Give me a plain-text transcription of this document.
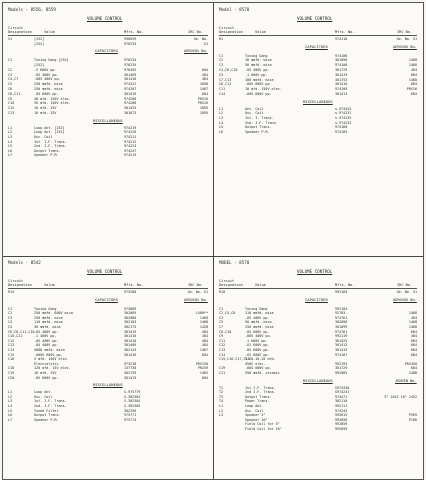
Models - 8556, 8559
VOLUME CONTROL
Circuit Designation	Value	Mfrs. No.	IRC No.
V1	[252]	930929	Ge. No.
[252]	976233	51
CAPACITORS	AEROVOX No.
C1	Tuning Gang [252]	976234
[252]	976235
C2	.5 600V pp.	976455	604
C3	.05 400V pp.	301409	484
C4,C7	.005 400V pp.	301416	484
C5	250 mmfd. mica	974222	1658
C6	250 mmfd. mica	974207	1467
C8,C11	.05 600V pp.	301419	604
C9	40 mfd. 150V elec.	974208	PRS16
C10	20 mfd. 150V elec.	974208	PRS16
C12	10 mfd. 25V	301429	1895
C13	10 mfd. 25V	301673	1895
MISCELLANEOUS
L1	Loop Ant. [252]	974219
L2	Loop Ant. [252]	974220
L3	Osc. Coil	974211
L4	1st. I.F. Trans.	974212
L5	2nd. I.F. Trans.	974223
L6	Output Trans.	974247
L7	Speaker P.M.	974219
Model - 8570
VOLUME CONTROL
Circuit Designation	Value	Mfrs. No.	IRC No.
R1	974118	Ge. No. 51
CAPACITORS	AEROVOX No.
C1	Tuning Gang	974106
C2	10 mmfd. mica	301096	1468
C3	50 mmfd. mica	974108	1468
C4,C6,C10 .05 400V pp.	301729	484
C5	.1 600V pp.	301419	684
C7,C13	100 mmfd. mica	301753	1468
C8,C12	.005 600V pp.	301416	684
C11	10 mfd. 150V elec.	974109	PRS16
C14	.005 600V pp.	301413	684
MISCELLANEOUS
L1	Ant. Coil	s-974424
L2	Osc. Coil	s-974231
L3	1st. I. Trans.	s-974235
L4	2nd. I.F. Trans.	s-974233
L5	Output Trans.	974160
L6	Speaker P.M.	974105
Models - 8542
VOLUME CONTROL
Circuit Designation	Value	Mfrs. No.	IRC No.
R14	975208	Ge. No. 51
CAPACITORS	AEROVOX No.
C1	Tuning Gang	975089
C2	250 mmfd. 600V mica	302089	1468**
C3	250 mmfd. mica	302080	1468
C4	110 mmfd. mica	302103	1468
C5	30 mmfd. mica	302175	1428
C6,C8,C11,C16 .05 400V pp.	301419	484
C10,C21	.1 400V pp.	301410	484
C12	.05 400V pp.	301410	484
C13	.05 400V pp.	301409	484
C14	4000 mmfd. mica	302143	1467
C15	.0005 600V pp.	301416	684
C16	5 mfd. 150V elec.
Electrolytic	973218	PRS150
C18	120 mfd. 15V elec.	137730	PR259
C19	10 mfd. 25V	302759	1465
C20	.05 600V pp.	301419	684
MISCELLANEOUS
L1	Loop Ant.	S-975779
L2	Osc. Coil	S-302303
L3	1st. I.F. Trans.	S-302304
L4	2nd. I.F. Trans.	S-302305
L5	Tuned Filter	302296
L6	Output Trans.	975771
L7	Speaker P.M.	975774
MODEL - 8570
VOLUME CONTROL
Circuit Designation	Value	Mfrs. No.	IRC No.
R10	992169	Ge. No. 51
CAPACITORS	AEROVOX No.
C1	Tuning Gang	992104
C2,C4,C6	110 mmfd. mica	92703	1468
C3	.05 400V pp.	974761	484
C5	50 mmfd. mica	302090	1468
C7	250 mmfd. mica	301099	1468
C8,C10	.05 600V pp.	974761	684
C9	.005 400V pp.	992119	484
C11	.1 600V pp.	301425	684
C12	.01 600V pp.	301413	684
C13	.05 600V pp.	301419	684
C14	.02 600V pp.	974107	684
C15,C16,C17,C18
5.20.10.20 mfd.
450V elec.	992193	PRS450
C19	.005 600V pp.	301729	684
C21	350 mmfd. ceramic	992085	1488
MISCELLANEOUS	JENSEN No.
T1	1st I.F. Trans.	S974330
T2	2nd I.F. Trans.	S974241
T3	Output Trans.	974471	5" 2452 10" 2452
T4	Power Trans.	302110
L1	Loop Ant.	992111
L2	Osc. Coil	974245
L3	Speaker 5"	992815	P5R5
Speaker 10"	992858	P10R
Field Coil for 5"	992859
Field Coil for 10"	992859
